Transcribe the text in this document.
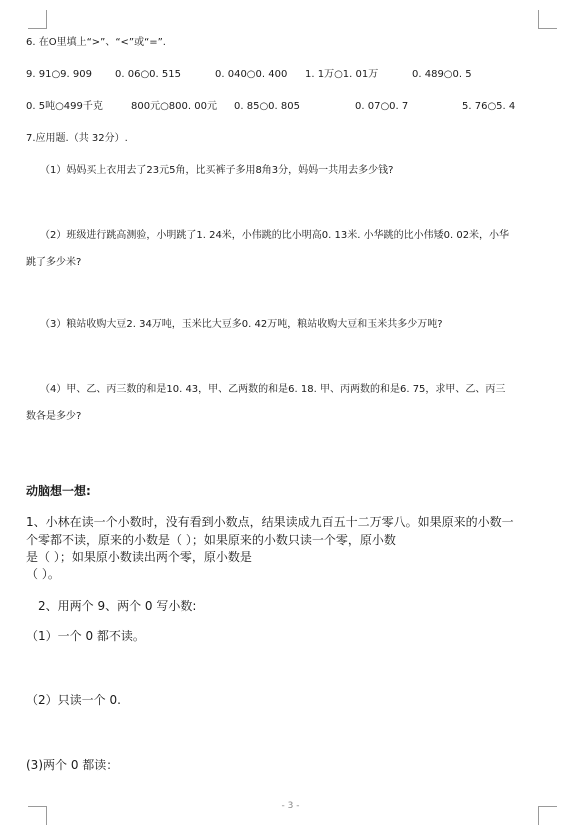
6. 在O里填上“>”、“<”或“=”.
9. 91○9. 909 0. 06○0. 515	0. 040○0. 400 1. 1万○1. 01万	0. 489○0. 5
0. 5吨○499千克	800元○800. 00元 0. 85○0. 805	0. 07○0. 7	5. 76○5. 4
7.应用题.（共 32分）.
（1）妈妈买上衣用去了23元5角，比买裤子多用8角3分，妈妈一共用去多少钱?
（2）班级进行跳高测验，小明跳了1. 24米，小伟跳的比小明高0. 13米. 小华跳的比小伟矮0. 02米，小华
跳了多少米?
（3）粮站收购大豆2. 34万吨，玉米比大豆多0. 42万吨，粮站收购大豆和玉米共多少万吨?
（4）甲、乙、丙三数的和是10. 43，甲、乙两数的和是6. 18. 甲、丙两数的和是6. 75，求甲、乙、丙三
数各是多少?
动脑想一想:
1、小林在读一个小数时，没有看到小数点，结果读成九百五十二万零八。如果原来的小数一
个零都不读，原来的小数是（ ）；如果原来的小数只读一个零，原小数
是（ ）；如果原小数读出两个零，原小数是
（ ）。
2、用两个 9、两个 0 写小数:
（1）一个 0 都不读。
（2）只读一个 0.
(3)两个 0 都读：
- 3 -
